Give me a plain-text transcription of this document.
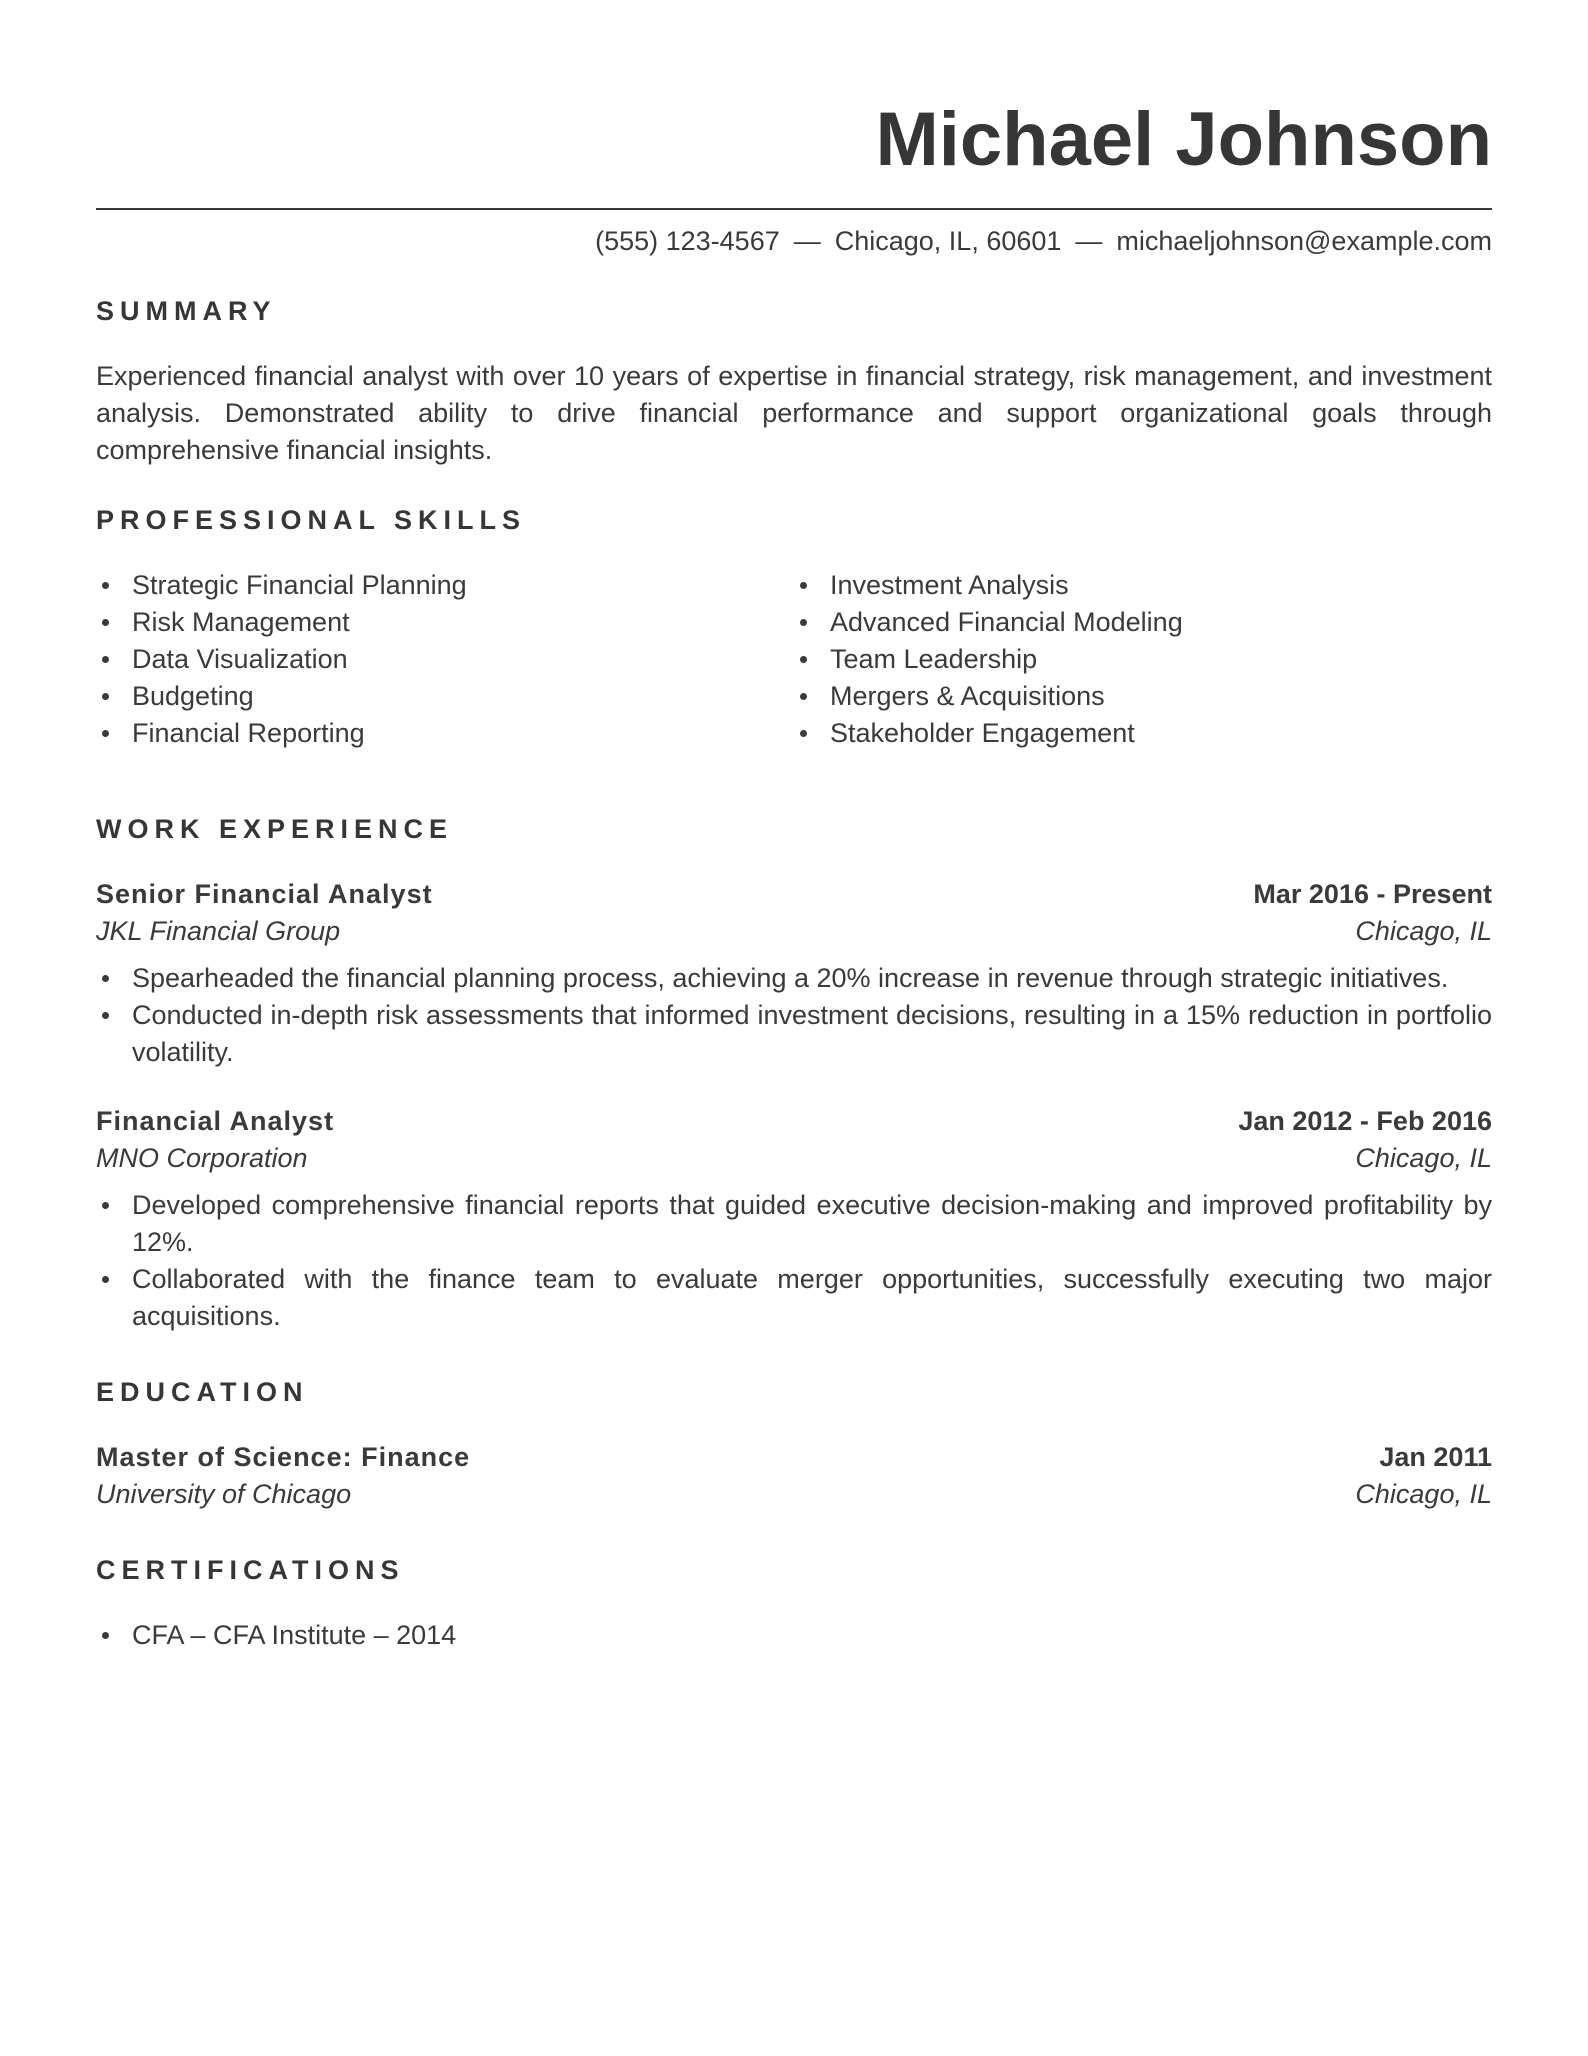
Michael Johnson
(555) 123-4567 — Chicago, IL, 60601 — michaeljohnson@example.com
SUMMARY

Experienced financial analyst with over 10 years of expertise in financial strategy, risk management, and investment analysis. Demonstrated ability to drive financial performance and support organizational goals through comprehensive financial insights.

PROFESSIONAL SKILLS
Strategic Financial Planning
Risk Management
Data Visualization
Budgeting
Financial Reporting
Investment Analysis
Advanced Financial Modeling
Team Leadership
Mergers & Acquisitions
Stakeholder Engagement
WORK EXPERIENCE
Senior Financial Analyst	Mar 2016 - Present
JKL Financial Group	Chicago, IL
Spearheaded the financial planning process, achieving a 20% increase in revenue through strategic initiatives.
Conducted in-depth risk assessments that informed investment decisions, resulting in a 15% reduction in portfolio volatility.
Financial Analyst	Jan 2012 - Feb 2016
MNO Corporation	Chicago, IL
Developed comprehensive financial reports that guided executive decision-making and improved profitability by 12%.
Collaborated with the finance team to evaluate merger opportunities, successfully executing two major acquisitions.
EDUCATION
Master of Science: Finance	Jan 2011
University of Chicago	Chicago, IL
CERTIFICATIONS
CFA – CFA Institute – 2014
